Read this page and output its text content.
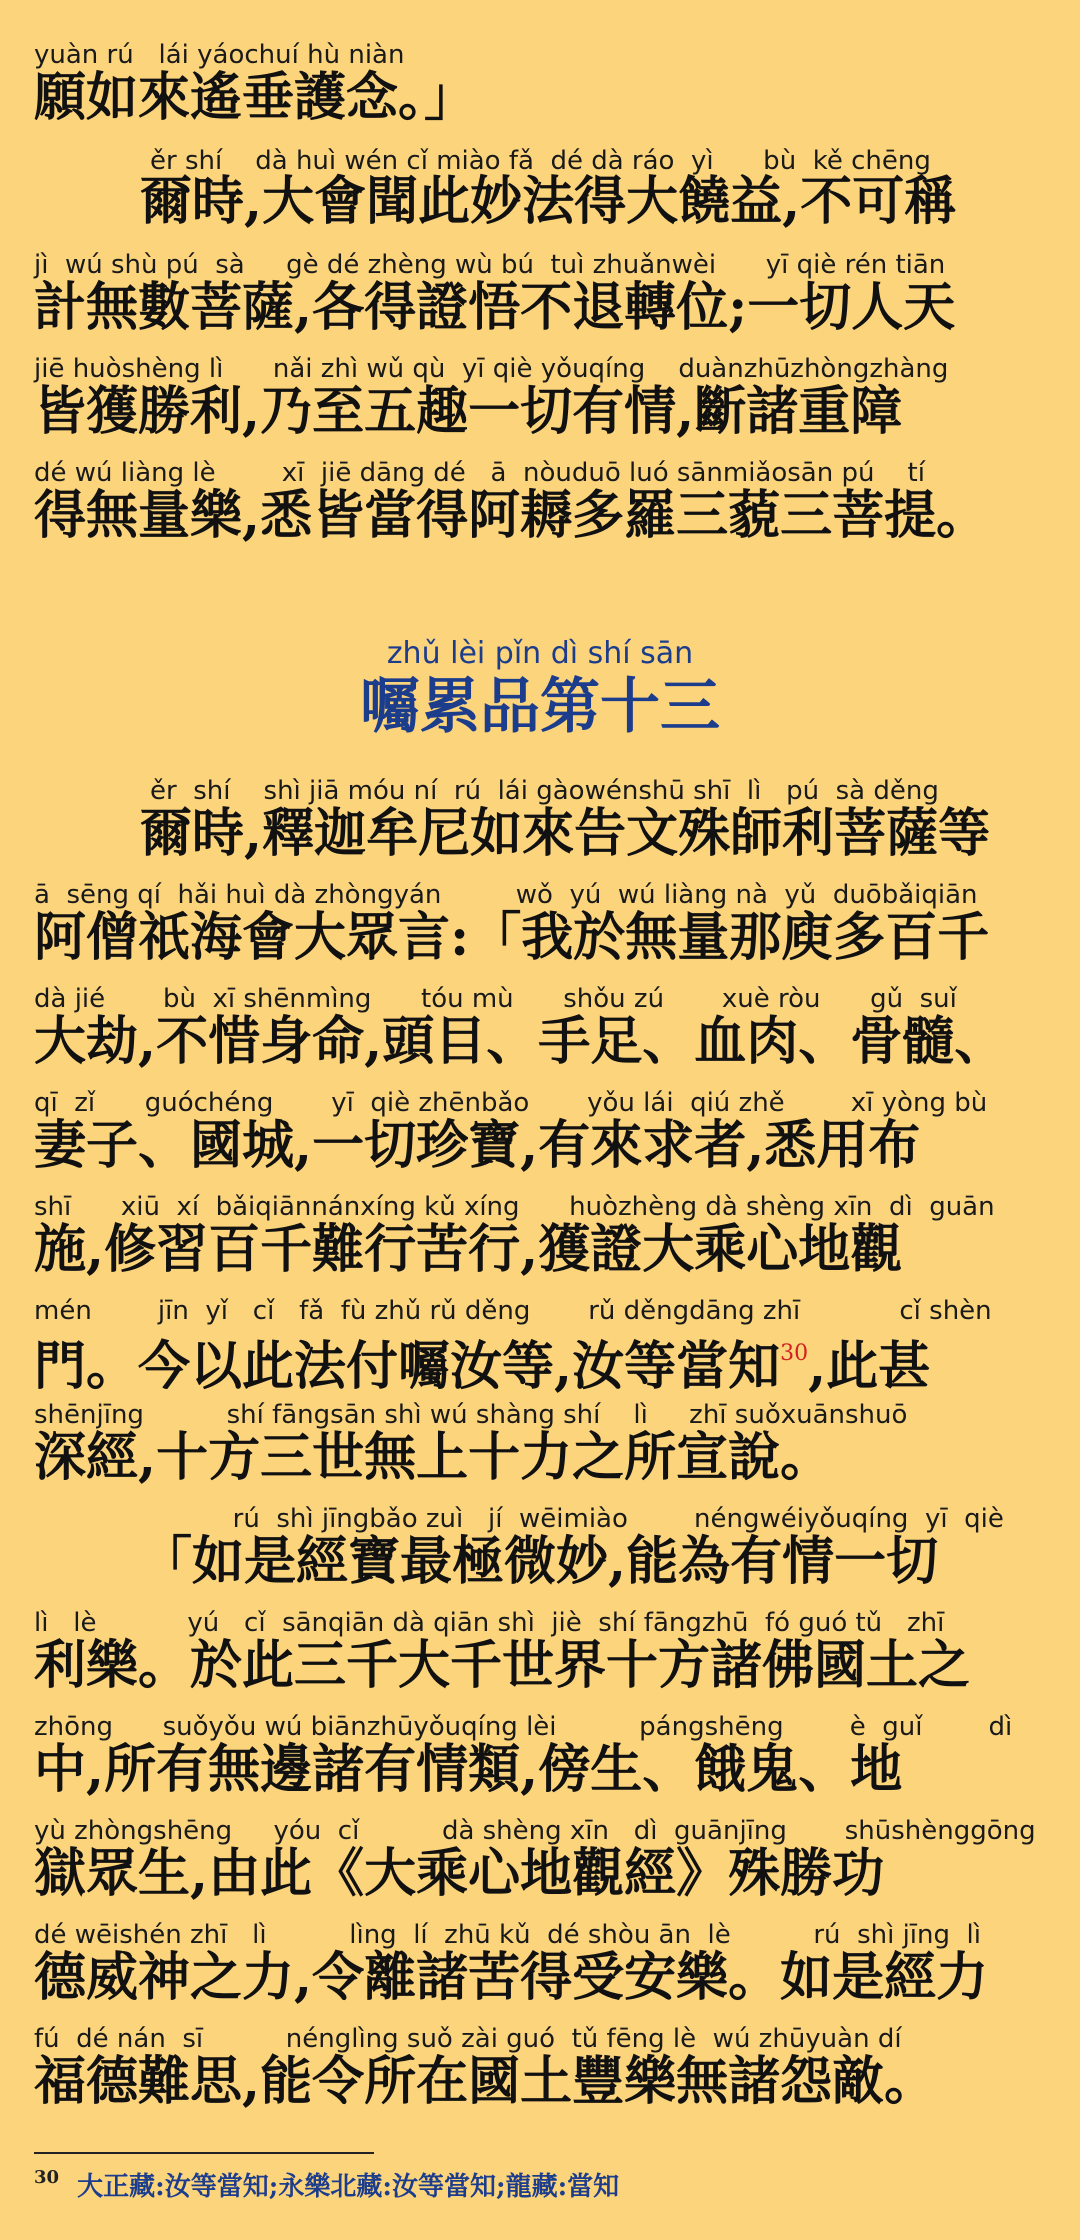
yuàn rú   lái yáochuí hù niàn
願如來遙垂護念。」
ěr shí    dà huì wén cǐ miào fǎ  dé dà ráo  yì      bù  kě chēng
爾時,大會聞此妙法得大饒益,不可稱
jì  wú shù pú  sà     gè dé zhèng wù bú  tuì zhuǎnwèi      yī qiè rén tiān
計無數菩薩,各得證悟不退轉位;一切人天
jiē huòshèng lì      nǎi zhì wǔ qù  yī qiè yǒuqíng    duànzhūzhòngzhàng
皆獲勝利,乃至五趣一切有情,斷諸重障
dé wú liàng lè        xī  jiē dāng dé   ā  nòuduō luó sānmiǎosān pú    tí
得無量樂,悉皆當得阿耨多羅三藐三菩提。
zhǔ lèi pǐn dì shí sān
囑累品第十三
ěr  shí    shì jiā móu ní  rú  lái gàowénshū shī  lì   pú  sà děng
爾時,釋迦牟尼如來告文殊師利菩薩等
ā  sēng qí  hǎi huì dà zhòngyán         wǒ  yú  wú liàng nà  yǔ  duōbǎiqiān
阿僧祇海會大眾言:「我於無量那庾多百千
dà jié       bù  xī shēnmìng      tóu mù      shǒu zú       xuè ròu      gǔ  suǐ
大劫,不惜身命,頭目、手足、血肉、骨髓、
qī  zǐ      guóchéng       yī  qiè zhēnbǎo       yǒu lái  qiú zhě        xī yòng bù
妻子、國城,一切珍寶,有來求者,悉用布
shī      xiū  xí  bǎiqiānnánxíng kǔ xíng      huòzhèng dà shèng xīn  dì  guān
施,修習百千難行苦行,獲證大乘心地觀
mén        jīn  yǐ   cǐ   fǎ  fù zhǔ rǔ děng       rǔ děngdāng zhī            cǐ shèn
門。今以此法付囑汝等,汝等當知$^{30}$,此甚
shēnjīng          shí fāngsān shì wú shàng shí    lì     zhī suǒxuānshuō
深經,十方三世無上十力之所宣說。
rú  shì jīngbǎo zuì   jí  wēimiào        néngwéiyǒuqíng  yī  qiè
「如是經寶最極微妙,能為有情一切
lì   lè           yú   cǐ  sānqiān dà qiān shì  jiè  shí fāngzhū  fó guó tǔ   zhī
利樂。於此三千大千世界十方諸佛國土之
zhōng      suǒyǒu wú biānzhūyǒuqíng lèi          pángshēng        è  guǐ        dì
中,所有無邊諸有情類,傍生、餓鬼、地
yù zhòngshēng     yóu  cǐ          dà shèng xīn   dì  guānjīng       shūshènggōng
獄眾生,由此《大乘心地觀經》殊勝功
dé wēishén zhī   lì          lìng  lí  zhū kǔ  dé shòu ān  lè          rú  shì jīng  lì
德威神之力,令離諸苦得受安樂。如是經力
fú  dé nán  sī          nénglìng suǒ zài guó  tǔ fēng lè  wú zhūyuàn dí
福德難思,能令所在國土豐樂無諸怨敵。
$^{30}$ 大正藏:汝等當知;永樂北藏:汝等當知;龍藏:當知
